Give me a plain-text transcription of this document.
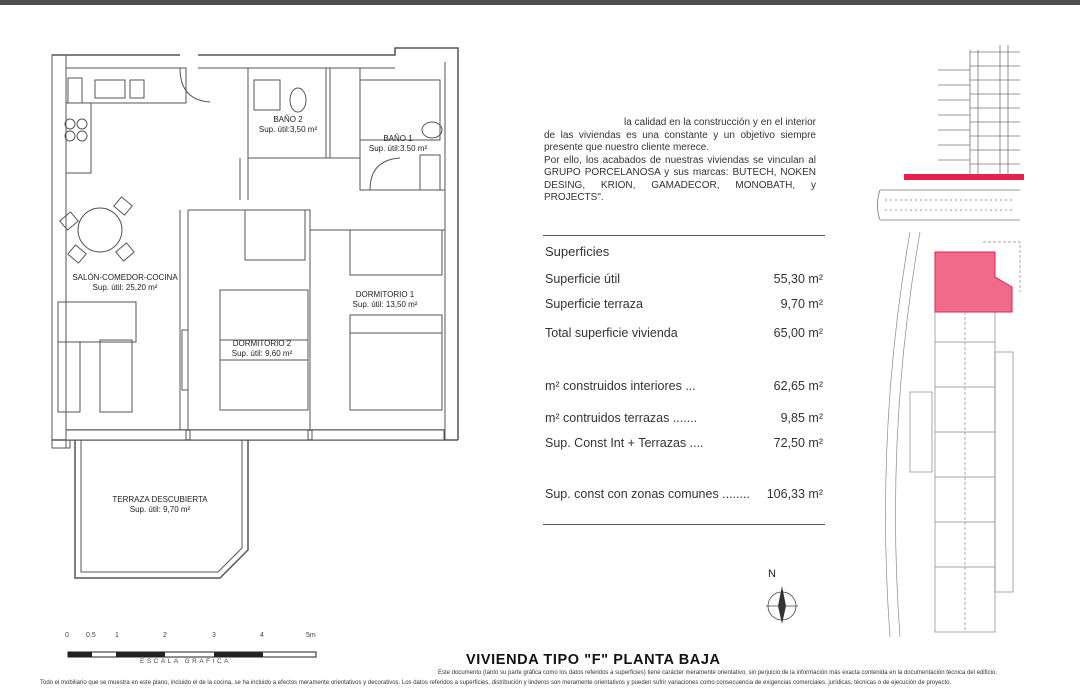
BAÑO 2
Sup. útil:3,50 m²
BAÑO 1
Sup. útil:3.50 m²
SALÓN-COMEDOR-COCINA
Sup. útil: 25,20 m²
DORMITORIO 1
Sup. útil: 13,50 m²
DORMITORIO 2
Sup. útil: 9,60 m²
TERRAZA DESCUBIERTA
Sup. útil: 9,70 m²

la calidad en la construcción y en el interior de las viviendas es una constante y un objetivo siempre presente que nuestro cliente merece.

Por ello, los acabados de nuestras viviendas se vinculan al GRUPO PORCELANOSA y sus marcas: BUTECH, NOKEN DESING, KRION, GAMADECOR, MONOBATH, y PROJECTS".

Superficies
Superficie útil	55,30 m²
Superficie terraza	9,70 m²
Total superficie vivienda	65,00 m²
m² construidos interiores ...	62,65 m²
m² contruidos terrazas .......	9,85 m²
Sup. Const Int + Terrazas ....	72,50 m²
Sup. const con zonas comunes ........ 106,33 m²
N
0 0.5	1	2	3	4	5m
ESCALA GRAFICA	VIVIENDA TIPO "F" PLANTA BAJA
Este documento (tanto su parte gráfica como los datos referidos a superficies) tiene carácter meramente orientativo, sin perjuicio de la información más exacta contenida en la documentación técnica del edificio.
Todo el mobiliario que se muestra en este plano, incluido el de la cocina, se ha incluido a efectos meramente orientativos y decorativos. Los datos referidos a superficies, distribución y linderos son meramente orientativos y pueden sufrir variaciones como consecuencia de exigencias comerciales, jurídicas, técnicas o de ejecución de proyecto.
